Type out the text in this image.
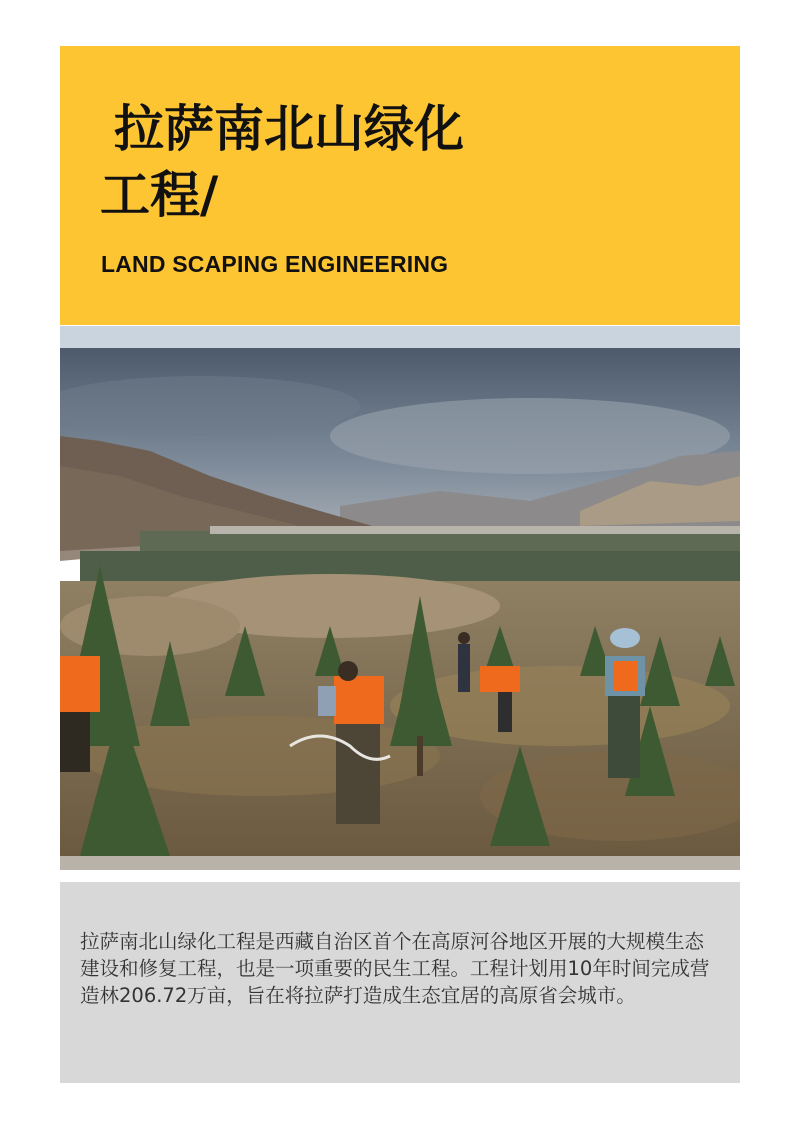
拉萨南北山绿化
工程/
LAND SCAPING ENGINEERING

拉萨南北山绿化工程是西藏自治区首个在高原河谷地区开展的大规模生态建设和修复工程，也是一项重要的民生工程。工程计划用10年时间完成营造林206.72万亩，旨在将拉萨打造成生态宜居的高原省会城市。
